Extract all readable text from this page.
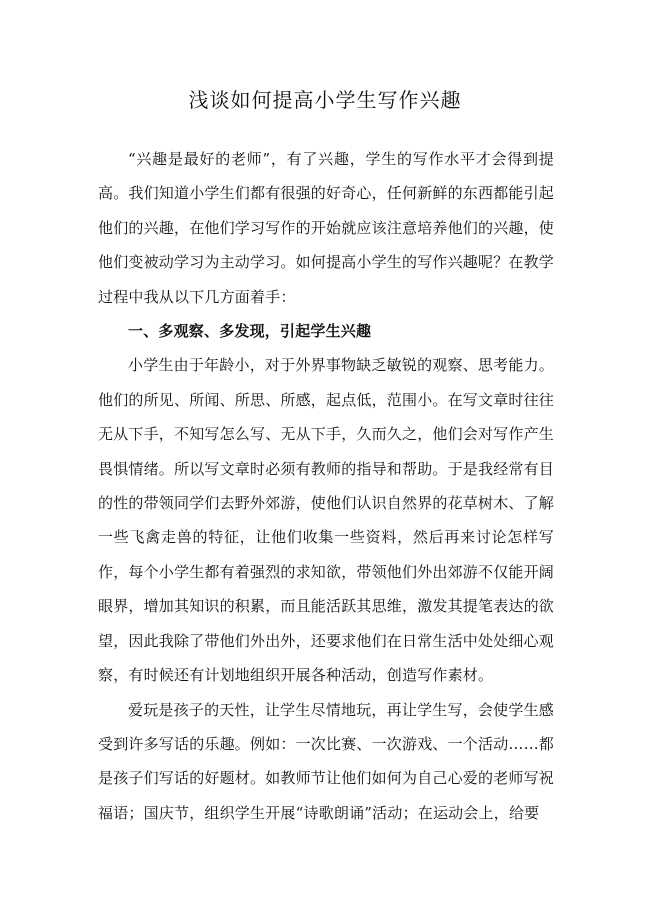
浅谈如何提高小学生写作兴趣

“兴趣是最好的老师”，有了兴趣，学生的写作水平才会得到提高。我们知道小学生们都有很强的好奇心，任何新鲜的东西都能引起他们的兴趣，在他们学习写作的开始就应该注意培养他们的兴趣，使他们变被动学习为主动学习。如何提高小学生的写作兴趣呢？在教学过程中我从以下几方面着手：

一、多观察、多发现，引起学生兴趣

小学生由于年龄小，对于外界事物缺乏敏锐的观察、思考能力。他们的所见、所闻、所思、所感，起点低，范围小。在写文章时往往无从下手，不知写怎么写、无从下手，久而久之，他们会对写作产生畏惧情绪。所以写文章时必须有教师的指导和帮助。于是我经常有目的性的带领同学们去野外郊游，使他们认识自然界的花草树木、了解一些飞禽走兽的特征，让他们收集一些资料，然后再来讨论怎样写作，每个小学生都有着强烈的求知欲，带领他们外出郊游不仅能开阔眼界，增加其知识的积累，而且能活跃其思维，激发其提笔表达的欲望，因此我除了带他们外出外，还要求他们在日常生活中处处细心观察，有时候还有计划地组织开展各种活动，创造写作素材。

爱玩是孩子的天性，让学生尽情地玩，再让学生写，会使学生感受到许多写话的乐趣。例如：一次比赛、一次游戏、一个活动……都是孩子们写话的好题材。如教师节让他们如何为自己心爱的老师写祝福语；国庆节，组织学生开展“诗歌朗诵”活动；在运动会上，给要
